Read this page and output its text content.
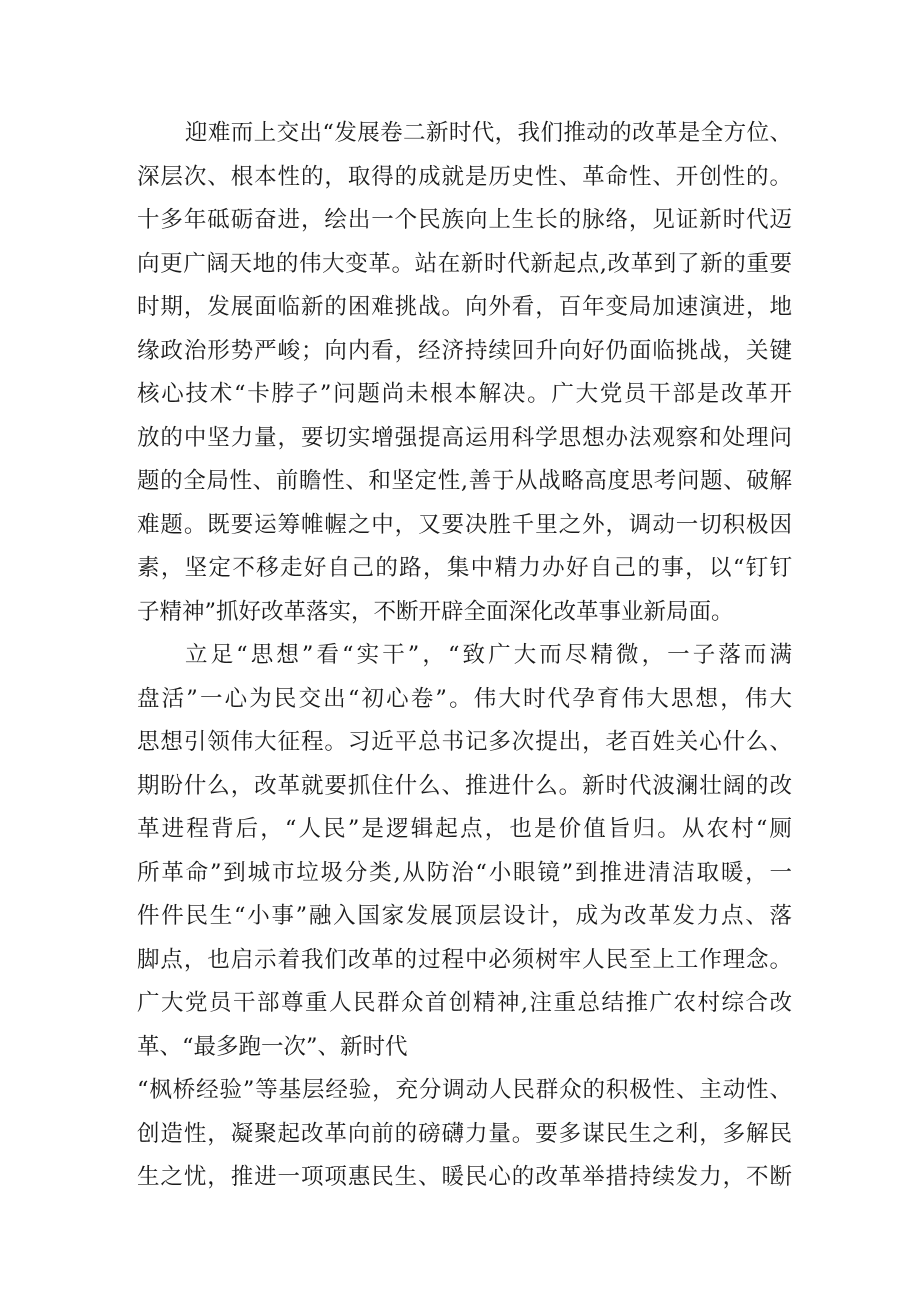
迎难而上交出“发展卷二新时代，我们推动的改革是全方位、
深层次、根本性的，取得的成就是历史性、革命性、开创性的。
十多年砥砺奋进，绘出一个民族向上生长的脉络，见证新时代迈
向更广阔天地的伟大变革。站在新时代新起点,改革到了新的重要
时期，发展面临新的困难挑战。向外看，百年变局加速演进，地
缘政治形势严峻；向内看，经济持续回升向好仍面临挑战，关键
核心技术“卡脖子”问题尚未根本解决。广大党员干部是改革开
放的中坚力量，要切实增强提高运用科学思想办法观察和处理问
题的全局性、前瞻性、和坚定性,善于从战略高度思考问题、破解
难题。既要运筹帷幄之中，又要决胜千里之外，调动一切积极因
素，坚定不移走好自己的路，集中精力办好自己的事，以“钉钉
子精神”抓好改革落实，不断开辟全面深化改革事业新局面。
立足“思想”看“实干”，“致广大而尽精微，一子落而满
盘活”一心为民交出“初心卷”。伟大时代孕育伟大思想，伟大
思想引领伟大征程。习近平总书记多次提出，老百姓关心什么、
期盼什么，改革就要抓住什么、推进什么。新时代波澜壮阔的改
革进程背后，“人民”是逻辑起点，也是价值旨归。从农村“厕
所革命”到城市垃圾分类,从防治“小眼镜”到推进清洁取暖，一
件件民生“小事”融入国家发展顶层设计，成为改革发力点、落
脚点，也启示着我们改革的过程中必须树牢人民至上工作理念。
广大党员干部尊重人民群众首创精神,注重总结推广农村综合改
革、“最多跑一次”、新时代
“枫桥经验”等基层经验，充分调动人民群众的积极性、主动性、
创造性，凝聚起改革向前的磅礴力量。要多谋民生之利，多解民
生之忧，推进一项项惠民生、暖民心的改革举措持续发力，不断
